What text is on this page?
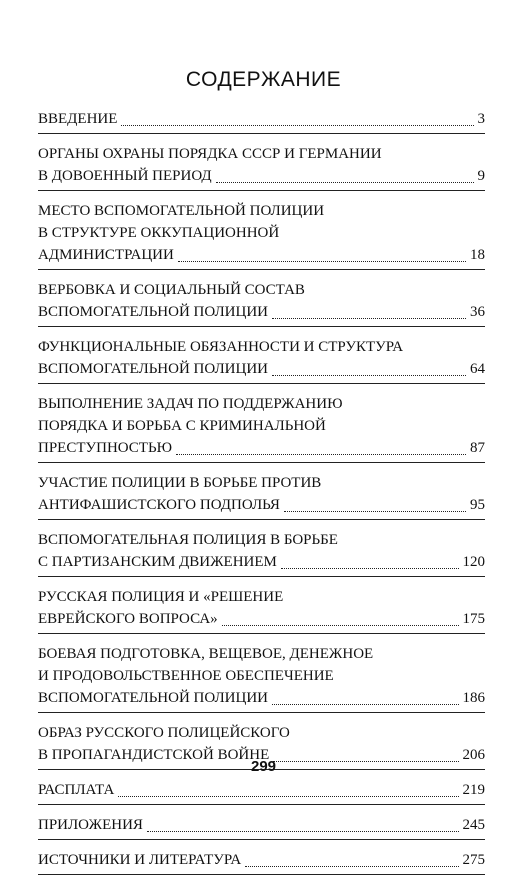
СОДЕРЖАНИЕ
ВВЕДЕНИЕ	3
ОРГАНЫ ОХРАНЫ ПОРЯДКА СССР И ГЕРМАНИИ
В ДОВОЕННЫЙ ПЕРИОД	9
МЕСТО ВСПОМОГАТЕЛЬНОЙ ПОЛИЦИИ
В СТРУКТУРЕ ОККУПАЦИОННОЙ
АДМИНИСТРАЦИИ	18
ВЕРБОВКА И СОЦИАЛЬНЫЙ СОСТАВ
ВСПОМОГАТЕЛЬНОЙ ПОЛИЦИИ	36
ФУНКЦИОНАЛЬНЫЕ ОБЯЗАННОСТИ И СТРУКТУРА
ВСПОМОГАТЕЛЬНОЙ ПОЛИЦИИ	64
ВЫПОЛНЕНИЕ ЗАДАЧ ПО ПОДДЕРЖАНИЮ
ПОРЯДКА И БОРЬБА С КРИМИНАЛЬНОЙ
ПРЕСТУПНОСТЬЮ	87
УЧАСТИЕ ПОЛИЦИИ В БОРЬБЕ ПРОТИВ
АНТИФАШИСТСКОГО ПОДПОЛЬЯ	95
ВСПОМОГАТЕЛЬНАЯ ПОЛИЦИЯ В БОРЬБЕ
С ПАРТИЗАНСКИМ ДВИЖЕНИЕМ	120
РУССКАЯ ПОЛИЦИЯ И «РЕШЕНИЕ
ЕВРЕЙСКОГО ВОПРОСА»	175
БОЕВАЯ ПОДГОТОВКА, ВЕЩЕВОЕ, ДЕНЕЖНОЕ
И ПРОДОВОЛЬСТВЕННОЕ ОБЕСПЕЧЕНИЕ
ВСПОМОГАТЕЛЬНОЙ ПОЛИЦИИ	186
ОБРАЗ РУССКОГО ПОЛИЦЕЙСКОГО
В ПРОПАГАНДИСТСКОЙ ВОЙНЕ	206
РАСПЛАТА	219
ПРИЛОЖЕНИЯ	245
ИСТОЧНИКИ И ЛИТЕРАТУРА	275
299
